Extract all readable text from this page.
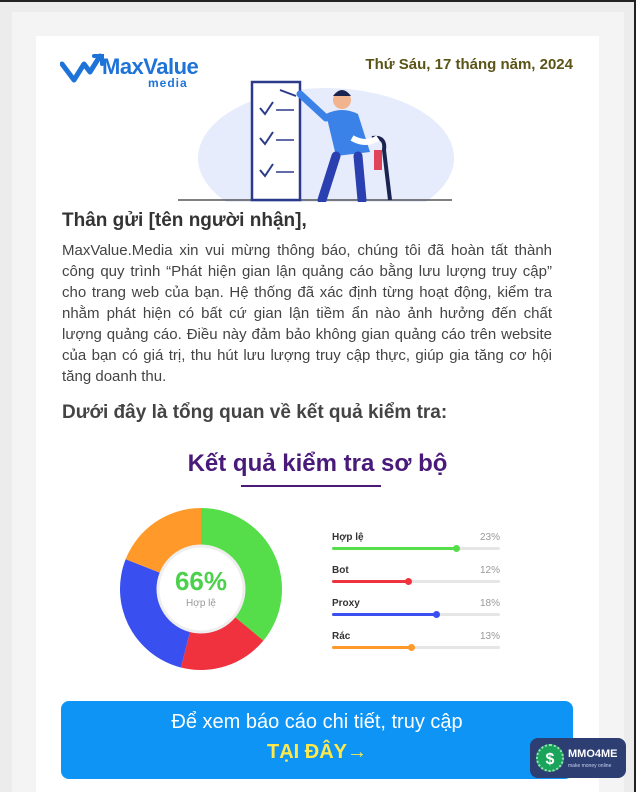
MaxValue
media
Thứ Sáu, 17 tháng năm, 2024
Thân gửi [tên người nhận],

MaxValue.Media xin vui mừng thông báo, chúng tôi đã hoàn tất thành công quy trình “Phát hiện gian lận quảng cáo bằng lưu lượng truy cập” cho trang web của bạn. Hệ thống đã xác định từng hoạt động, kiểm tra nhằm phát hiện có bất cứ gian lận tiềm ẩn nào ảnh hưởng đến chất lượng quảng cáo. Điều này đảm bảo không gian quảng cáo trên website của bạn có giá trị, thu hút lưu lượng truy cập thực, giúp gia tăng cơ hội tăng doanh thu.

Dưới đây là tổng quan về kết quả kiểm tra:
Kết quả kiểm tra sơ bộ
66%
Hợp lệ
Hợp lệ	23%
Bot	12%
Proxy	18%
Rác	13%
Để xem báo cáo chi tiết, truy cập
TẠI ĐÂY→	$	MMO4ME
make money online
